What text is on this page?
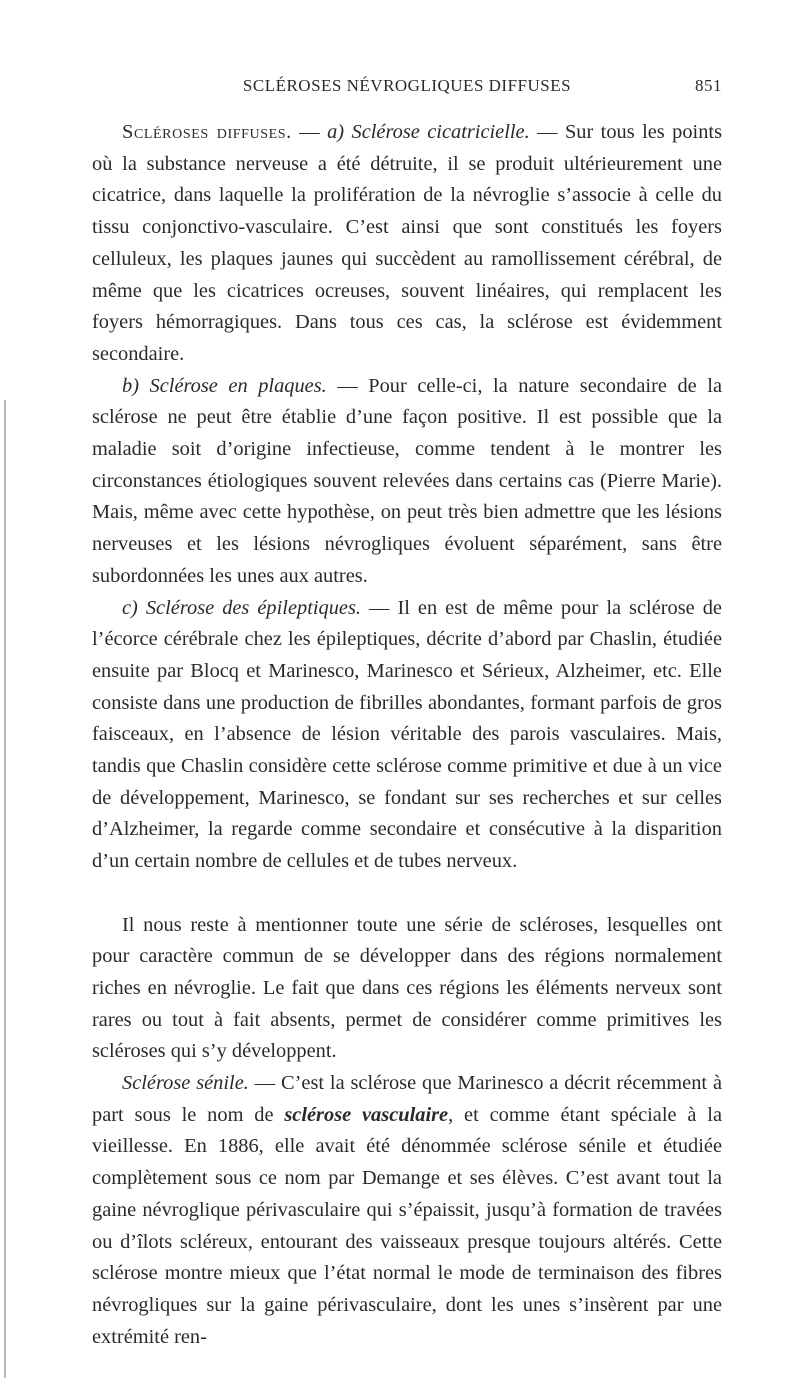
SCLÉROSES NÉVROGLIQUES DIFFUSES	851

Scléroses diffuses. — a) Sclérose cicatricielle. — Sur tous les points où la substance nerveuse a été détruite, il se produit ultérieurement une cicatrice, dans laquelle la prolifération de la névroglie s’associe à celle du tissu conjonctivo-vasculaire. C’est ainsi que sont constitués les foyers celluleux, les plaques jaunes qui succèdent au ramollissement cérébral, de même que les cicatrices ocreuses, souvent linéaires, qui remplacent les foyers hémorragiques. Dans tous ces cas, la sclérose est évidemment secondaire.

b) Sclérose en plaques. — Pour celle-ci, la nature secondaire de la sclérose ne peut être établie d’une façon positive. Il est possible que la maladie soit d’origine infectieuse, comme tendent à le montrer les circonstances étiologiques souvent relevées dans certains cas (Pierre Marie). Mais, même avec cette hypothèse, on peut très bien admettre que les lésions nerveuses et les lésions névrogliques évoluent séparément, sans être subordonnées les unes aux autres.

c) Sclérose des épileptiques. — Il en est de même pour la sclérose de l’écorce cérébrale chez les épileptiques, décrite d’abord par Chaslin, étudiée ensuite par Blocq et Marinesco, Marinesco et Sérieux, Alzheimer, etc. Elle consiste dans une production de fibrilles abondantes, formant parfois de gros faisceaux, en l’absence de lésion véritable des parois vasculaires. Mais, tandis que Chaslin considère cette sclérose comme primitive et due à un vice de développement, Marinesco, se fondant sur ses recherches et sur celles d’Alzheimer, la regarde comme secondaire et consécutive à la disparition d’un certain nombre de cellules et de tubes nerveux.

Il nous reste à mentionner toute une série de scléroses, lesquelles ont pour caractère commun de se développer dans des régions normalement riches en névroglie. Le fait que dans ces régions les éléments nerveux sont rares ou tout à fait absents, permet de considérer comme primitives les scléroses qui s’y développent.

Sclérose sénile. — C’est la sclérose que Marinesco a décrit récemment à part sous le nom de sclérose vasculaire, et comme étant spéciale à la vieillesse. En 1886, elle avait été dénommée sclérose sénile et étudiée complètement sous ce nom par Demange et ses élèves. C’est avant tout la gaine névroglique périvasculaire qui s’épaissit, jusqu’à formation de travées ou d’îlots scléreux, entourant des vaisseaux presque toujours altérés. Cette sclérose montre mieux que l’état normal le mode de terminaison des fibres névrogliques sur la gaine périvasculaire, dont les unes s’insèrent par une extrémité ren-
